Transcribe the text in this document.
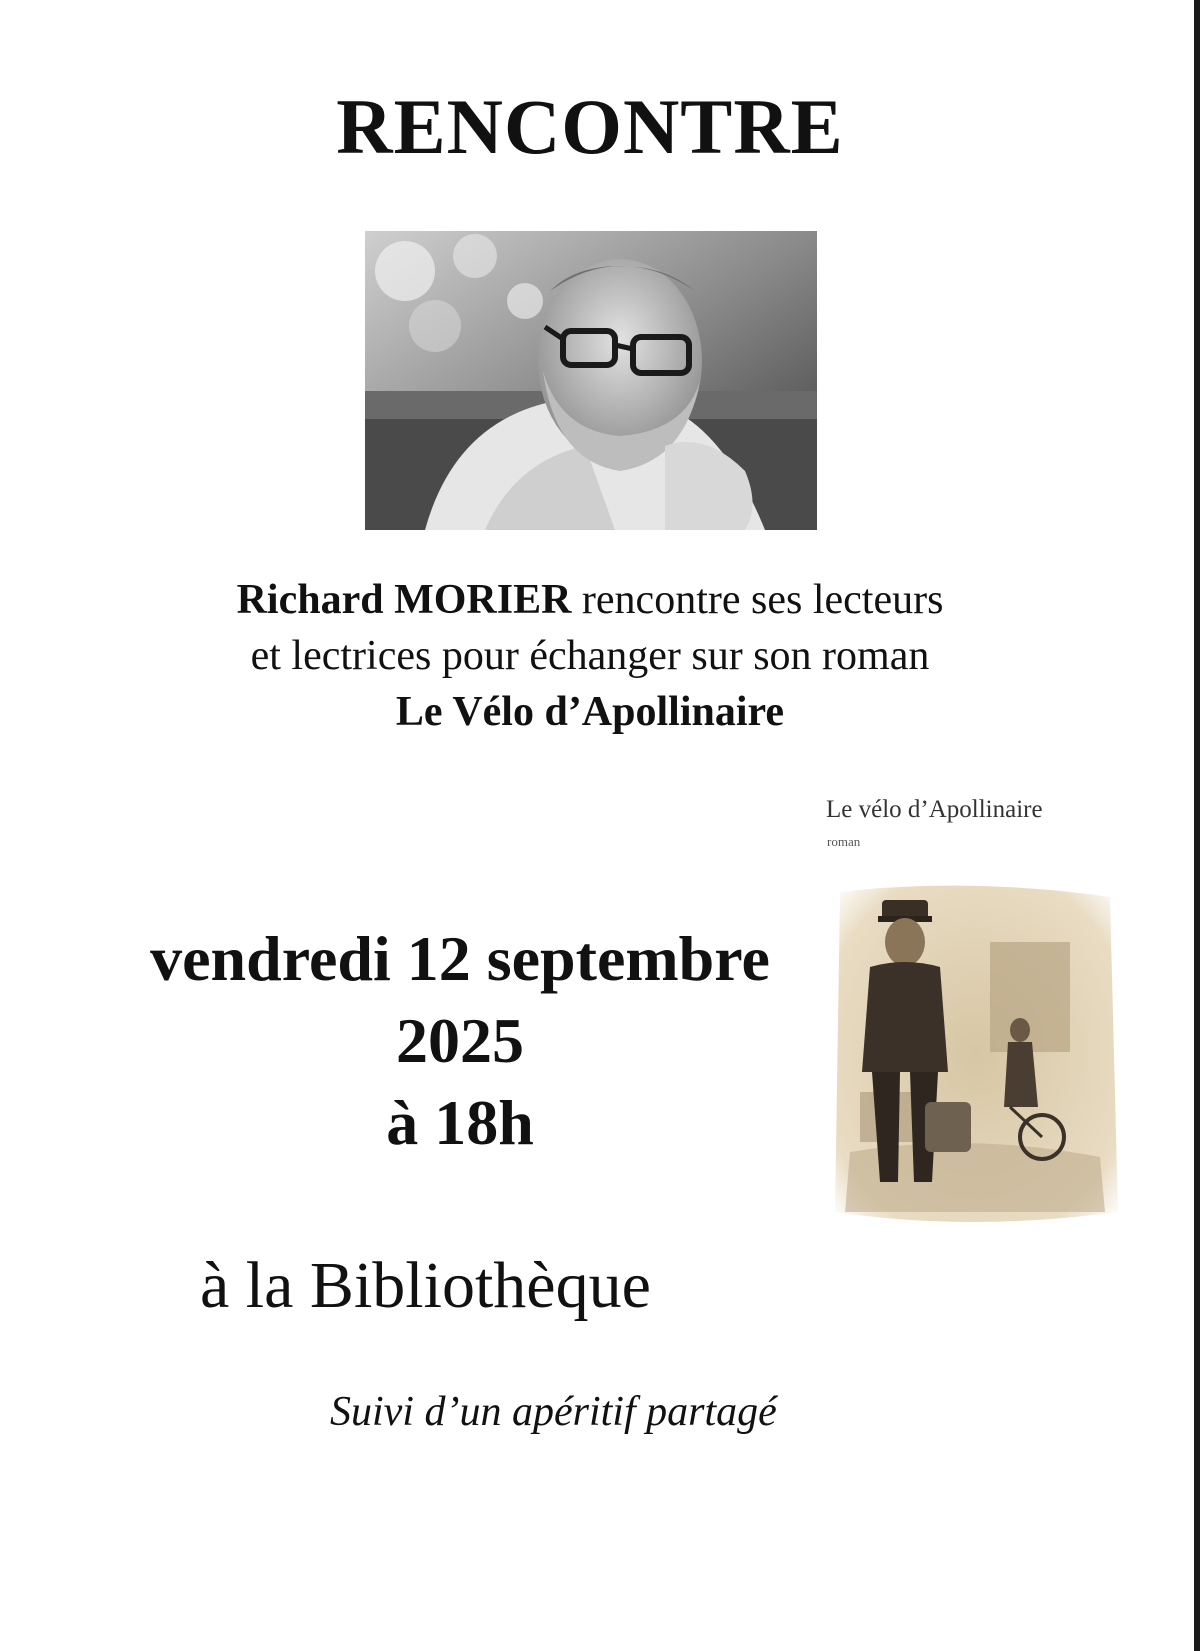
RENCONTRE
Richard MORIER rencontre ses lecteurs
et lectrices pour échanger sur son roman
Le Vélo d’Apollinaire
Le vélo d’Apollinaire
roman
vendredi 12 septembre
2025
à 18h
à la Bibliothèque
Suivi d’un apéritif partagé
